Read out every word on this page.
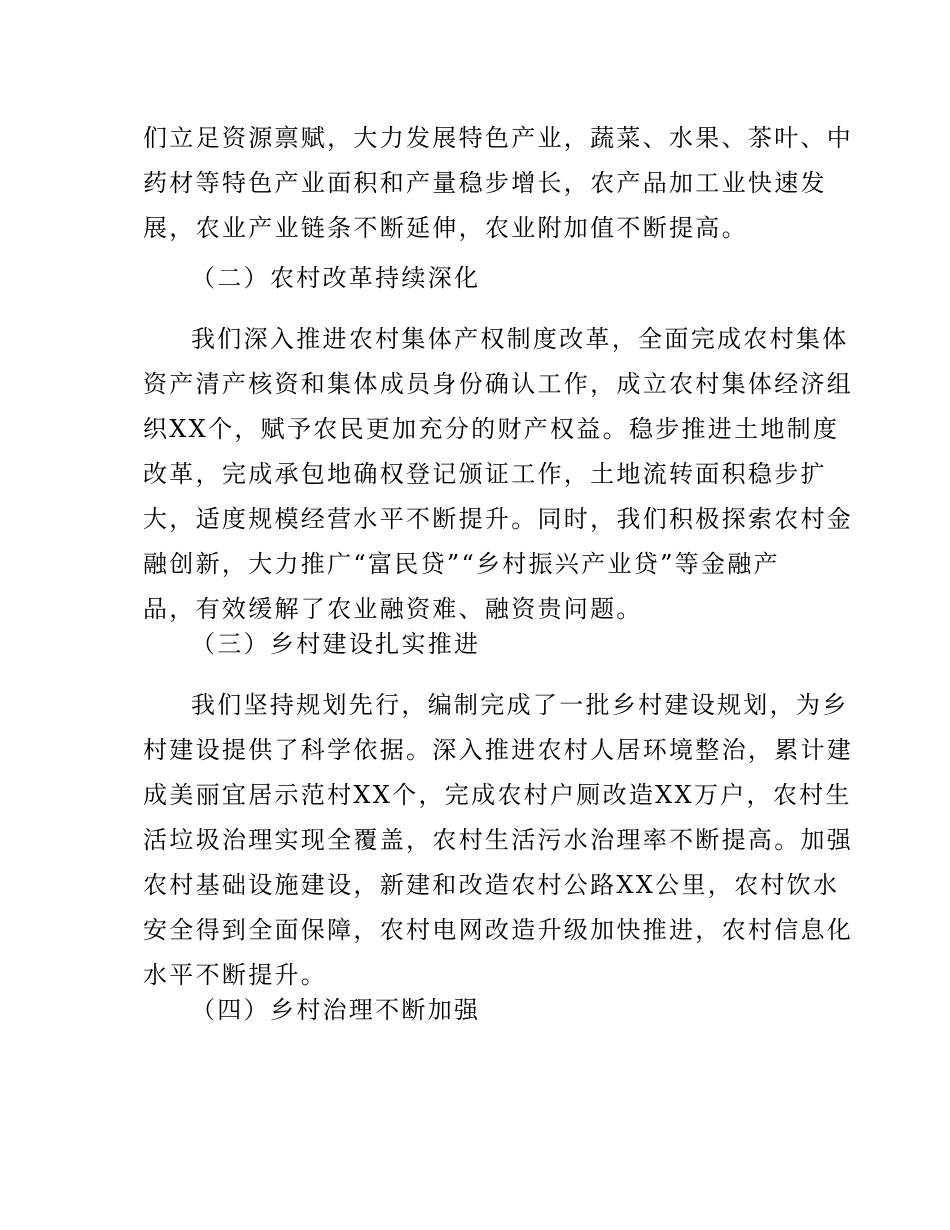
们立足资源禀赋，大力发展特色产业，蔬菜、水果、茶叶、中
药材等特色产业面积和产量稳步增长，农产品加工业快速发
展，农业产业链条不断延伸，农业附加值不断提高。
（二）农村改革持续深化
我们深入推进农村集体产权制度改革，全面完成农村集体
资产清产核资和集体成员身份确认工作，成立农村集体经济组
织XX个，赋予农民更加充分的财产权益。稳步推进土地制度
改革，完成承包地确权登记颁证工作，土地流转面积稳步扩
大，适度规模经营水平不断提升。同时，我们积极探索农村金
融创新，大力推广“富民贷”“乡村振兴产业贷”等金融产
品，有效缓解了农业融资难、融资贵问题。
（三）乡村建设扎实推进
我们坚持规划先行，编制完成了一批乡村建设规划，为乡
村建设提供了科学依据。深入推进农村人居环境整治，累计建
成美丽宜居示范村XX个，完成农村户厕改造XX万户，农村生
活垃圾治理实现全覆盖，农村生活污水治理率不断提高。加强
农村基础设施建设，新建和改造农村公路XX公里，农村饮水
安全得到全面保障，农村电网改造升级加快推进，农村信息化
水平不断提升。
（四）乡村治理不断加强
